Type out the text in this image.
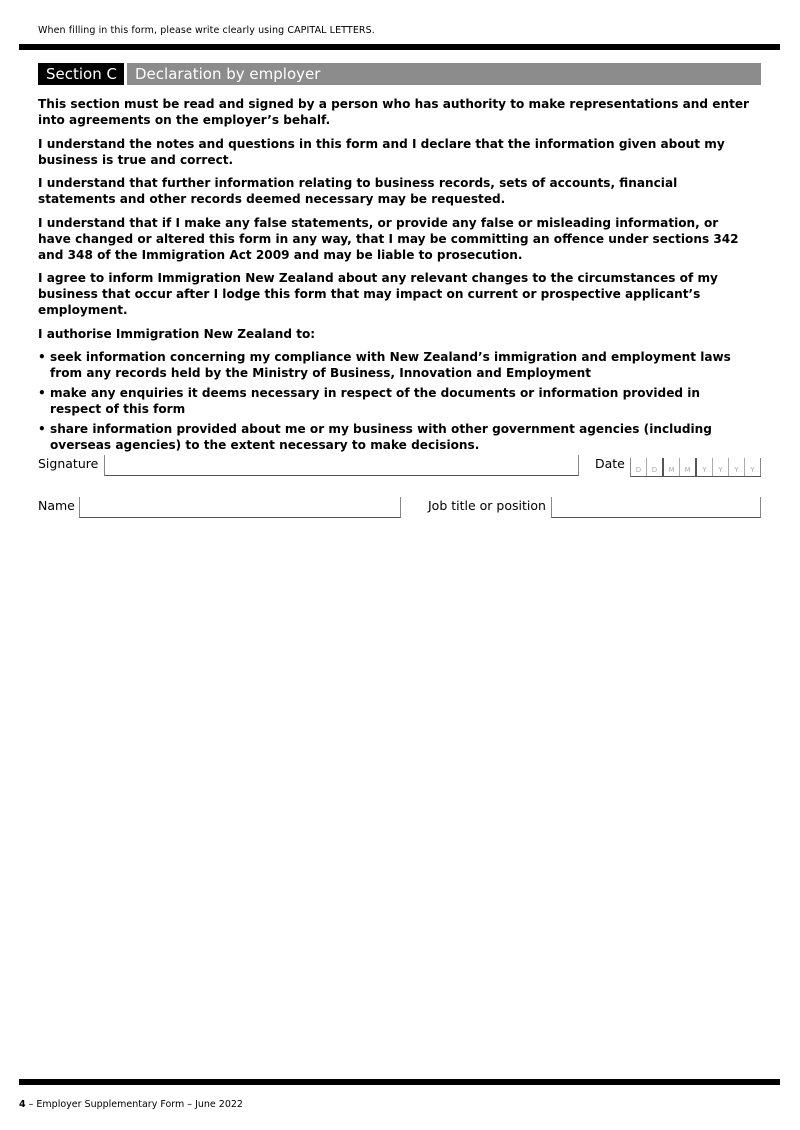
When filling in this form, please write clearly using CAPITAL LETTERS.
Section C	Declaration by employer

This section must be read and signed by a person who has authority to make representations and enter into agreements on the employer’s behalf.

I understand the notes and questions in this form and I declare that the information given about my business is true and correct.

I understand that further information relating to business records, sets of accounts, financial statements and other records deemed necessary may be requested.

I understand that if I make any false statements, or provide any false or misleading information, or have changed or altered this form in any way, that I may be committing an offence under sections 342 and 348 of the Immigration Act 2009 and may be liable to prosecution.

I agree to inform Immigration New Zealand about any relevant changes to the circumstances of my business that occur after I lodge this form that may impact on current or prospective applicant’s employment.

I authorise Immigration New Zealand to:

• seek information concerning my compliance with New Zealand’s immigration and employment laws from any records held by the Ministry of Business, Innovation and Employment
• make any enquiries it deems necessary in respect of the documents or information provided in respect of this form
• share information provided about me or my business with other government agencies (including overseas agencies) to the extent necessary to make decisions.
Signature	Date	D	D	M	M	Y	Y	Y	Y
Name	Job title or position
4 – Employer Supplementary Form – June 2022
